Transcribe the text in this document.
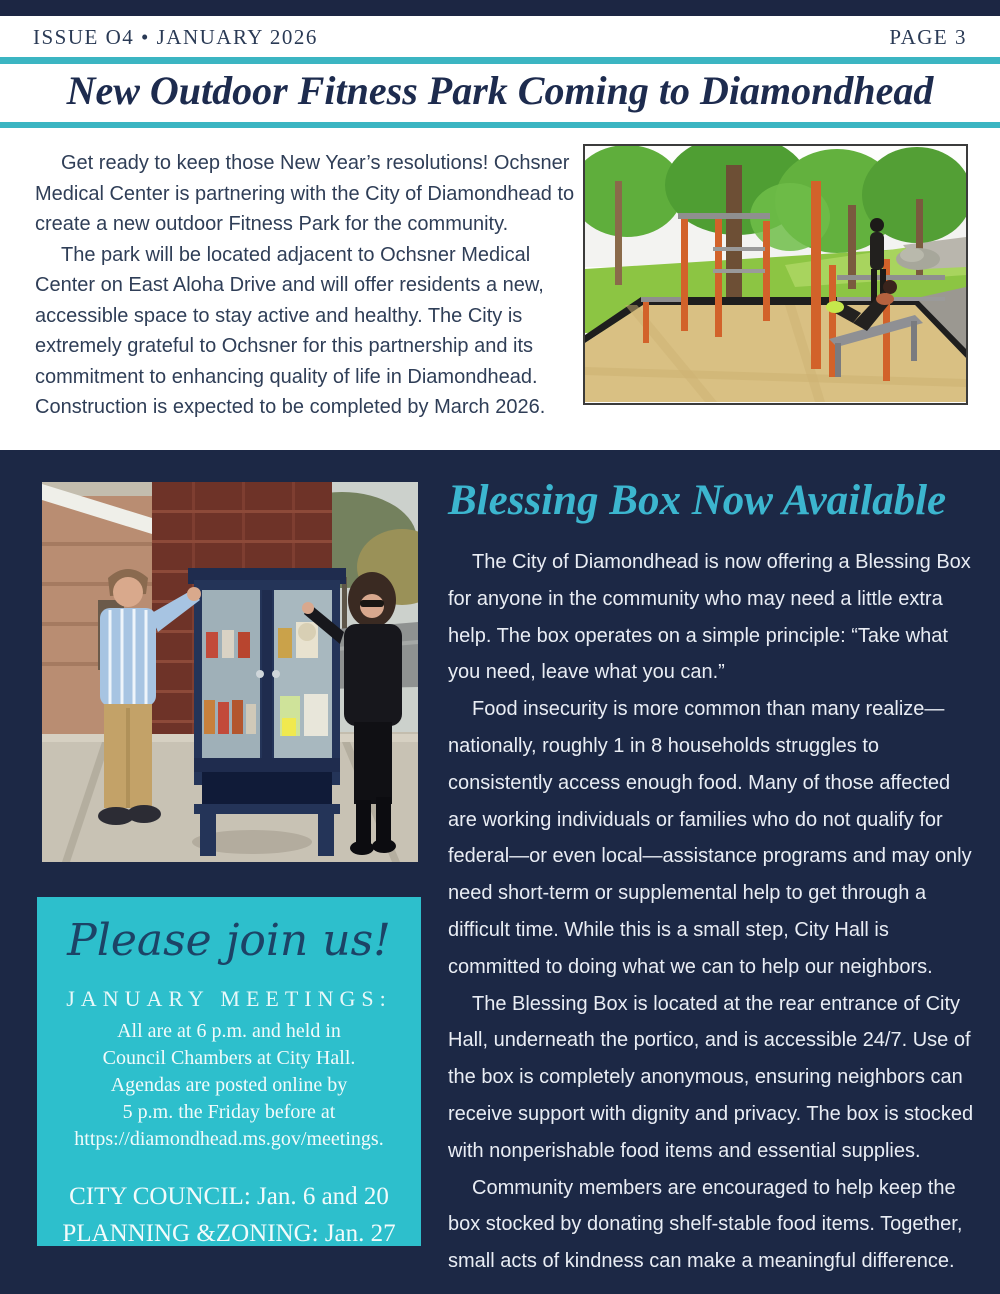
ISSUE O4 • JANUARY 2026	PAGE 3
New Outdoor Fitness Park Coming to Diamondhead

Get ready to keep those New Year’s resolutions! Ochsner Medical Center is partnering with the City of Diamondhead to create a new outdoor Fitness Park for the community.

The park will be located adjacent to Ochsner Medical Center on East Aloha Drive and will offer residents a new, accessible space to stay active and healthy. The City is extremely grateful to Ochsner for this partnership and its commitment to enhancing quality of life in Diamondhead. Construction is expected to be completed by March 2026.

Blessing Box Now Available

The City of Diamondhead is now offering a Blessing Box for anyone in the community who may need a little extra help. The box operates on a simple principle: “Take what you need, leave what you can.”

Food insecurity is more common than many realize—nationally, roughly 1 in 8 households struggles to consistently access enough food. Many of those affected are working individuals or families who do not qualify for federal—or even local—assistance programs and may only need short-term or supplemental help to get through a difficult time. While this is a small step, City Hall is committed to doing what we can to help our neighbors.

The Blessing Box is located at the rear entrance of City Hall, underneath the portico, and is accessible 24/7. Use of the box is completely anonymous, ensuring neighbors can receive support with dignity and privacy. The box is stocked with nonperishable food items and essential supplies.

Community members are encouraged to help keep the box stocked by donating shelf-stable food items. Together, small acts of kindness can make a meaningful difference.

Please join us!
JANUARY MEETINGS:
All are at 6 p.m. and held in
Council Chambers at City Hall.
Agendas are posted online by
5 p.m. the Friday before at
https://diamondhead.ms.gov/meetings.
CITY COUNCIL: Jan. 6 and 20
PLANNING &ZONING: Jan. 27
